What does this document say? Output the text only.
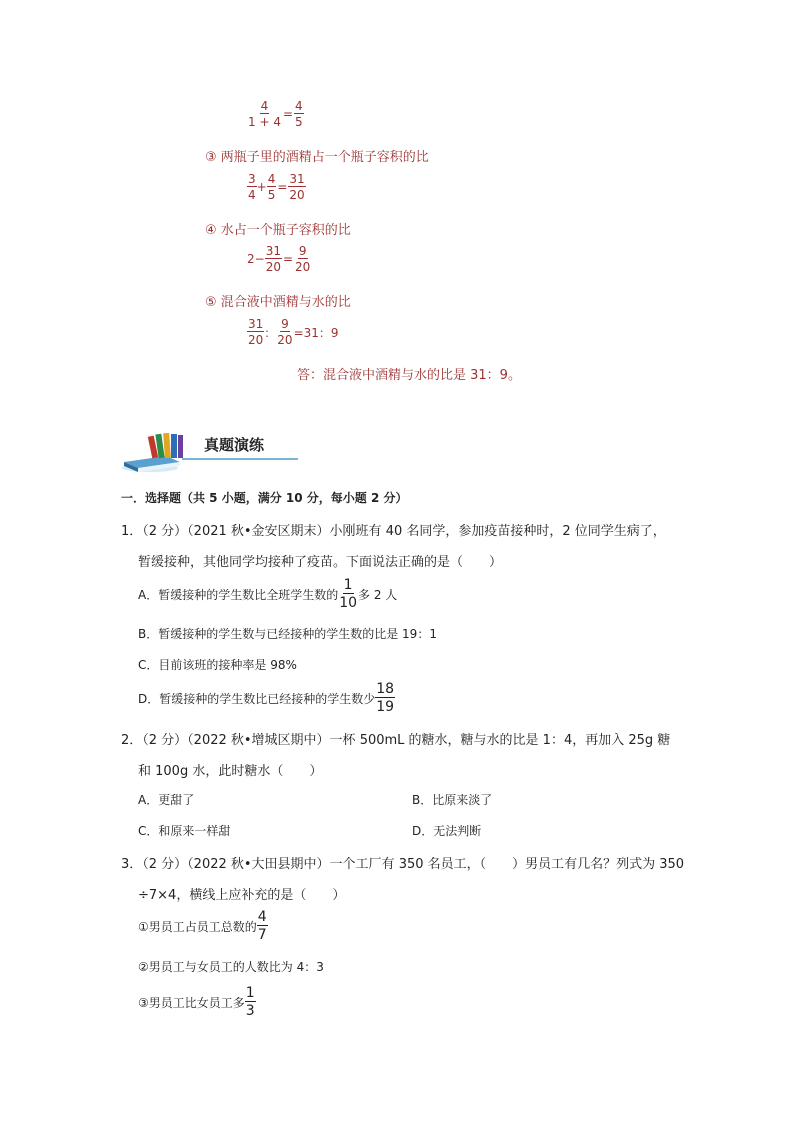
$\frac{4}{1 + 4} = \frac{4}{5}$
③ 两瓶子里的酒精占一个瓶子容积的比
$\frac{3}{4} + \frac{4}{5} = \frac{31}{20}$
④ 水占一个瓶子容积的比
$2- \frac{31}{20} = \frac{9}{20}$
⑤ 混合液中酒精与水的比
$\frac{31}{20}$ ： $\frac{9}{20} =31$：9
答：混合液中酒精与水的比是 31：9。
真题演练
一．选择题（共 5 小题，满分 10 分，每小题 2 分）
1．（2 分）（2021 秋•金安区期末）小刚班有 40 名同学，参加疫苗接种时，2 位同学生病了，
暂缓接种，其他同学均接种了疫苗。下面说法正确的是（　　）
A．暂缓接种的学生数比全班学生数的 $\frac{1}{10}$ 多 2 人
B．暂缓接种的学生数与已经接种的学生数的比是 19：1
C．目前该班的接种率是 98%
D．暂缓接种的学生数比已经接种的学生数少 $\frac{18}{19}$
2．（2 分）（2022 秋•增城区期中）一杯 500mL 的糖水，糖与水的比是 1：4，再加入 25g 糖
和 100g 水，此时糖水（　　）
A．更甜了	B．比原来淡了
C．和原来一样甜	D．无法判断
3．（2 分）（2022 秋•大田县期中）一个工厂有 350 名员工，（　　）男员工有几名？列式为 350
÷7×4，横线上应补充的是（　　）
①男员工占员工总数的 $\frac{4}{7}$
②男员工与女员工的人数比为 4：3
③男员工比女员工多 $\frac{1}{3}$
